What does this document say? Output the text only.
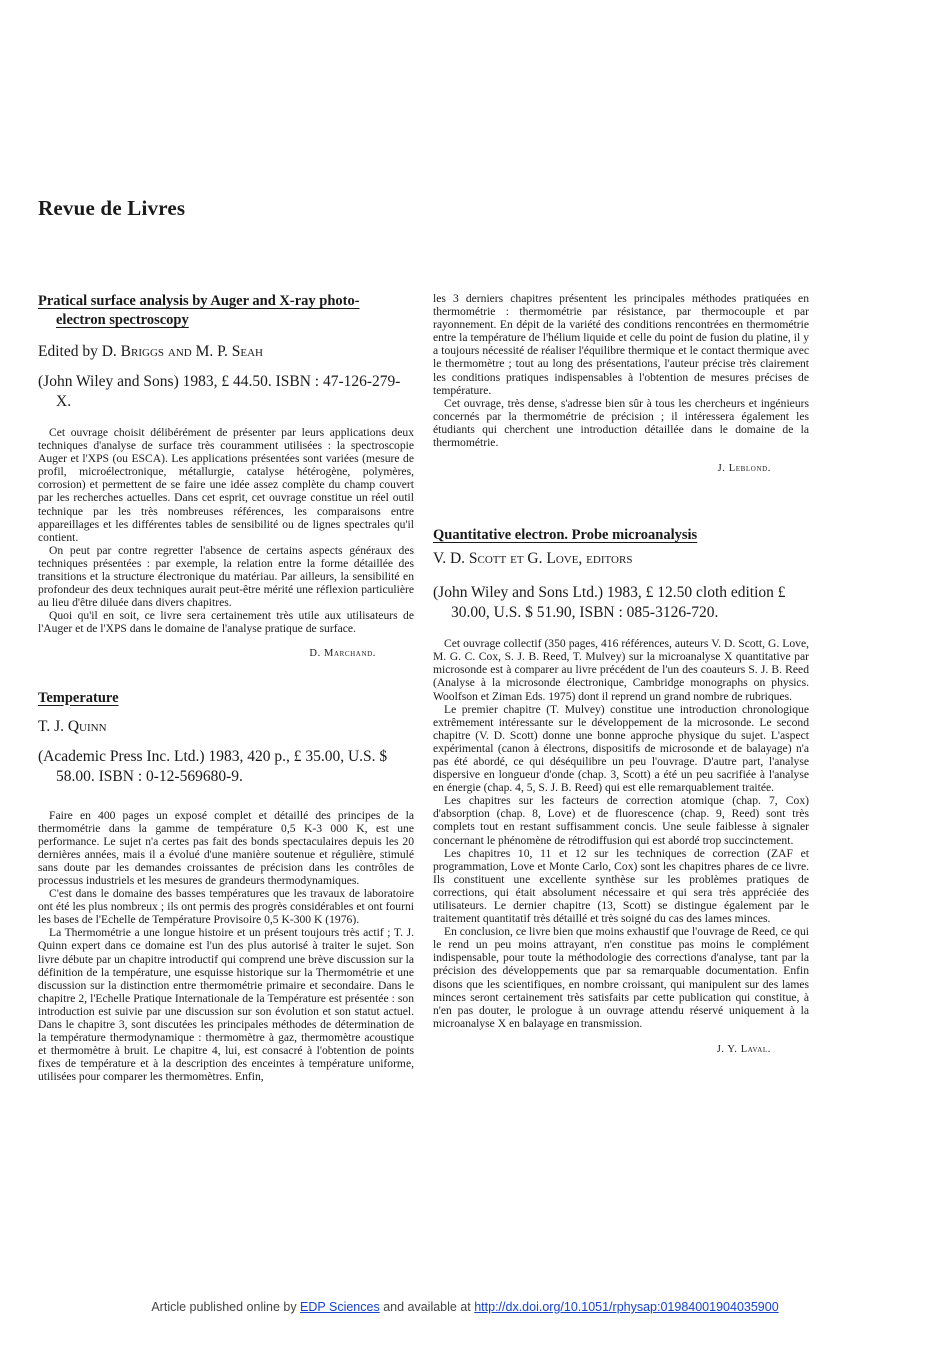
Revue de Livres
Pratical surface analysis by Auger and X-ray photo-
electron spectroscopy
Edited by D. Briggs and M. P. Seah
(John Wiley and Sons) 1983, £ 44.50. ISBN : 47-126-279-X.

Cet ouvrage choisit délibérément de présenter par leurs applications deux techniques d'analyse de surface très couramment utilisées : la spectroscopie Auger et l'XPS (ou ESCA). Les applications présentées sont variées (mesure de profil, microélectronique, métallurgie, catalyse hétérogène, polymères, corrosion) et permettent de se faire une idée assez complète du champ couvert par les recherches actuelles. Dans cet esprit, cet ouvrage constitue un réel outil technique par les très nombreuses références, les comparaisons entre appareillages et les différentes tables de sensibilité ou de lignes spectrales qu'il contient.

On peut par contre regretter l'absence de certains aspects généraux des techniques présentées : par exemple, la relation entre la forme détaillée des transitions et la structure électronique du matériau. Par ailleurs, la sensibilité en profondeur des deux techniques aurait peut-être mérité une réflexion particulière au lieu d'être diluée dans divers chapitres.

Quoi qu'il en soit, ce livre sera certainement très utile aux utilisateurs de l'Auger et de l'XPS dans le domaine de l'analyse pratique de surface.

D. Marchand.
Temperature
T. J. Quinn
(Academic Press Inc. Ltd.) 1983, 420 p., £ 35.00, U.S. $ 58.00. ISBN : 0-12-569680-9.

Faire en 400 pages un exposé complet et détaillé des principes de la thermométrie dans la gamme de température 0,5 K-3 000 K, est une performance. Le sujet n'a certes pas fait des bonds spectaculaires depuis les 20 dernières années, mais il a évolué d'une manière soutenue et régulière, stimulé sans doute par les demandes croissantes de précision dans les contrôles de processus industriels et les mesures de grandeurs thermodynamiques.

C'est dans le domaine des basses températures que les travaux de laboratoire ont été les plus nombreux ; ils ont permis des progrès considérables et ont fourni les bases de l'Echelle de Température Provisoire 0,5 K-300 K (1976).

La Thermométrie a une longue histoire et un présent toujours très actif ; T. J. Quinn expert dans ce domaine est l'un des plus autorisé à traiter le sujet. Son livre débute par un chapitre introductif qui comprend une brève discussion sur la définition de la température, une esquisse historique sur la Thermométrie et une discussion sur la distinction entre thermométrie primaire et secondaire. Dans le chapitre 2, l'Echelle Pratique Internationale de la Température est présentée : son introduction est suivie par une discussion sur son évolution et son statut actuel. Dans le chapitre 3, sont discutées les principales méthodes de détermination de la température thermodynamique : thermomètre à gaz, thermomètre acoustique et thermomètre à bruit. Le chapitre 4, lui, est consacré à l'obtention de points fixes de température et à la description des enceintes à température uniforme, utilisées pour comparer les thermomètres. Enfin,

les 3 derniers chapitres présentent les principales méthodes pratiquées en thermométrie : thermométrie par résistance, par thermocouple et par rayonnement. En dépit de la variété des conditions rencontrées en thermométrie entre la température de l'hélium liquide et celle du point de fusion du platine, il y a toujours nécessité de réaliser l'équilibre thermique et le contact thermique avec le thermomètre ; tout au long des présentations, l'auteur précise très clairement les conditions pratiques indispensables à l'obtention de mesures précises de température.

Cet ouvrage, très dense, s'adresse bien sûr à tous les chercheurs et ingénieurs concernés par la thermométrie de précision ; il intéressera également les étudiants qui cherchent une introduction détaillée dans le domaine de la thermométrie.

J. Leblond.
Quantitative electron. Probe microanalysis
V. D. Scott et G. Love, editors
(John Wiley and Sons Ltd.) 1983, £ 12.50 cloth edition £ 30.00, U.S. $ 51.90, ISBN : 085-3126-720.

Cet ouvrage collectif (350 pages, 416 références, auteurs V. D. Scott, G. Love, M. G. C. Cox, S. J. B. Reed, T. Mulvey) sur la microanalyse X quantitative par microsonde est à comparer au livre précédent de l'un des coauteurs S. J. B. Reed (Analyse à la microsonde électronique, Cambridge monographs on physics. Woolfson et Ziman Eds. 1975) dont il reprend un grand nombre de rubriques.

Le premier chapitre (T. Mulvey) constitue une introduction chronologique extrêmement intéressante sur le développement de la microsonde. Le second chapitre (V. D. Scott) donne une bonne approche physique du sujet. L'aspect expérimental (canon à électrons, dispositifs de microsonde et de balayage) n'a pas été abordé, ce qui déséquilibre un peu l'ouvrage. D'autre part, l'analyse dispersive en longueur d'onde (chap. 3, Scott) a été un peu sacrifiée à l'analyse en énergie (chap. 4, 5, S. J. B. Reed) qui est elle remarquablement traitée.

Les chapitres sur les facteurs de correction atomique (chap. 7, Cox) d'absorption (chap. 8, Love) et de fluorescence (chap. 9, Reed) sont très complets tout en restant suffisamment concis. Une seule faiblesse à signaler concernant le phénomène de rétrodiffusion qui est abordé trop succinctement.

Les chapitres 10, 11 et 12 sur les techniques de correction (ZAF et programmation, Love et Monte Carlo, Cox) sont les chapitres phares de ce livre. Ils constituent une excellente synthèse sur les problèmes pratiques de corrections, qui était absolument nécessaire et qui sera très appréciée des utilisateurs. Le dernier chapitre (13, Scott) se distingue également par le traitement quantitatif très détaillé et très soigné du cas des lames minces.

En conclusion, ce livre bien que moins exhaustif que l'ouvrage de Reed, ce qui le rend un peu moins attrayant, n'en constitue pas moins le complément indispensable, pour toute la méthodologie des corrections d'analyse, tant par la précision des développements que par sa remarquable documentation. Enfin disons que les scientifiques, en nombre croissant, qui manipulent sur des lames minces seront certainement très satisfaits par cette publication qui constitue, à n'en pas douter, le prologue à un ouvrage attendu réservé uniquement à la microanalyse X en balayage en transmission.

J. Y. Laval.
Article published online by EDP Sciences and available at http://dx.doi.org/10.1051/rphysap:01984001904035900
